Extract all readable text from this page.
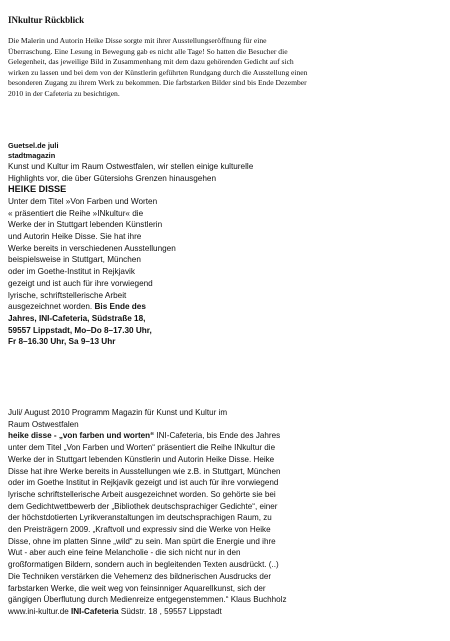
INkultur Rückblick
Die Malerin und Autorin Heike Disse sorgte mit ihrer Ausstellungseröffnung für eine
Überraschung. Eine Lesung in Bewegung gab es nicht alle Tage! So hatten die Besucher die
Gelegenheit, das jeweilige Bild in Zusammenhang mit dem dazu gehörenden Gedicht auf sich
wirken zu lassen und bei dem von der Künstlerin geführten Rundgang durch die Ausstellung einen
besonderen Zugang zu ihrem Werk zu bekommen. Die farbstarken Bilder sind bis Ende Dezember
2010 in der Cafeteria zu besichtigen.
Guetsel.de juli
stadtmagazin
Kunst und Kultur im Raum Ostwestfalen, wir stellen einige kulturelle
Highlights vor, die über Gütersiohs Grenzen hinausgehen
HEIKE DISSE
Unter dem Titel »Von Farben und Worten
« präsentiert die Reihe »INkultur« die
Werke der in Stuttgart lebenden Künstlerin
und Autorin Heike Disse. Sie hat ihre
Werke bereits in verschiedenen Ausstellungen
beispielsweise in Stuttgart, München
oder im Goethe-Institut in Rejkjavik
gezeigt und ist auch für ihre vorwiegend
lyrische, schriftstellerische Arbeit
ausgezeichnet worden. Bis Ende des
Jahres, INI-Cafeteria, Südstraße 18,
59557 Lippstadt, Mo–Do 8–17.30 Uhr,
Fr 8–16.30 Uhr, Sa 9–13 Uhr
Juli/ August 2010 Programm Magazin für Kunst und Kultur im
Raum Ostwestfalen
heike disse - „von farben und worten“ INI-Cafeteria, bis Ende des Jahres
unter dem Titel „Von Farben und Worten“ präsentiert die Reihe INkultur die
Werke der in Stuttgart lebenden Künstlerin und Autorin Heike Disse. Heike
Disse hat ihre Werke bereits in Ausstellungen wie z.B. in Stuttgart, München
oder im Goethe Institut in Rejkjavik gezeigt und ist auch für ihre vorwiegend
lyrische schriftstellerische Arbeit ausgezeichnet worden. So gehörte sie bei
dem Gedichtwettbewerb der „Bibliothek deutschsprachiger Gedichte“, einer
der höchstdotierten Lyrikveranstaltungen im deutschsprachigen Raum, zu
den Preisträgern 2009. „Kraftvoll und expressiv sind die Werke von Heike
Disse, ohne im platten Sinne „wild“ zu sein. Man spürt die Energie und ihre
Wut - aber auch eine feine Melancholie - die sich nicht nur in den
großformatigen Bildern, sondern auch in begleitenden Texten ausdrückt. (..)
Die Techniken verstärken die Vehemenz des bildnerischen Ausdrucks der
farbstarken Werke, die weit weg von feinsinniger Aquarellkunst, sich der
gängigen Überflutung durch Medienreize entgegenstemmen.“ Klaus Buchholz
www.ini-kultur.de INI-Cafeteria Südstr. 18 , 59557 Lippstadt
